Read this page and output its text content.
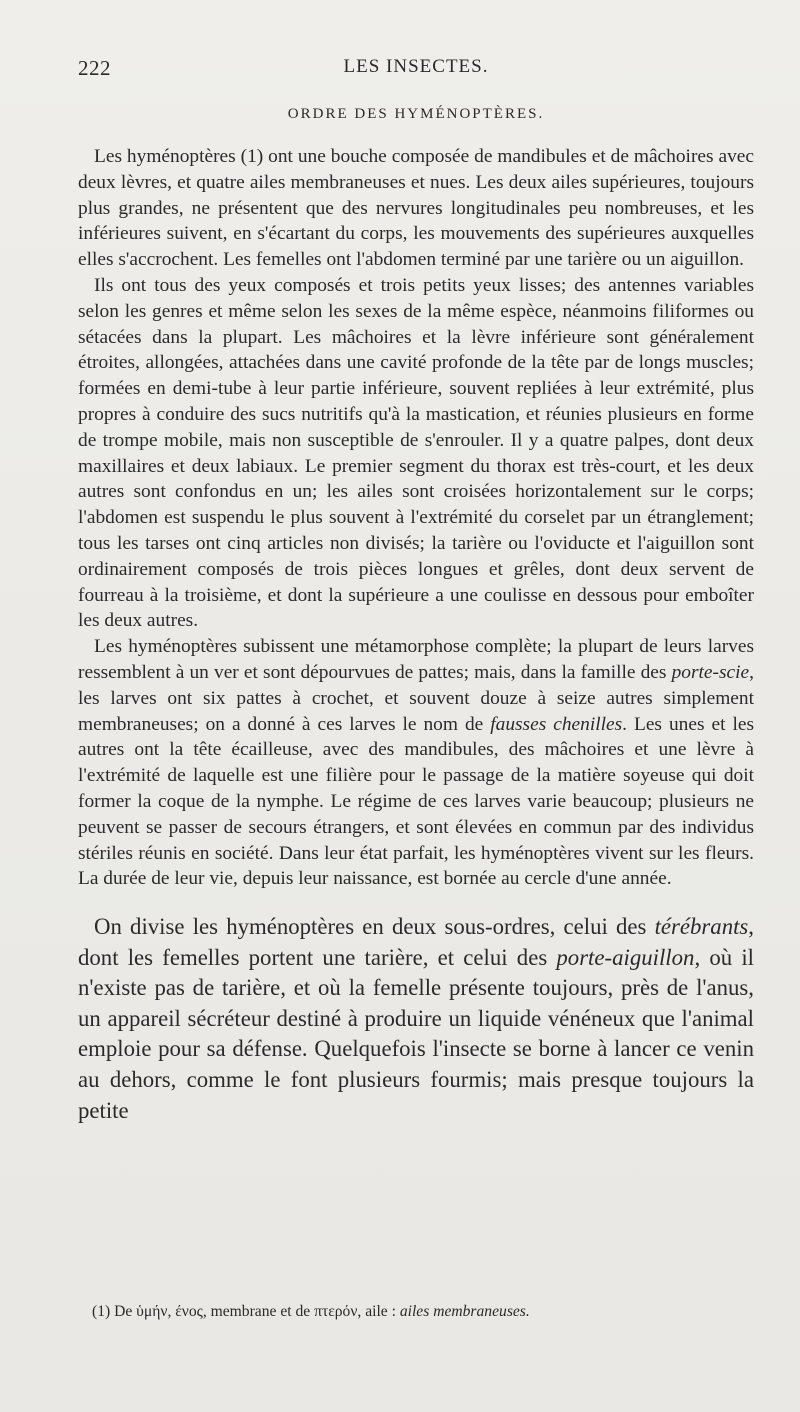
222	LES INSECTES.
ORDRE DES HYMÉNOPTÈRES.

Les hyménoptères (1) ont une bouche composée de mandibules et de mâchoires avec deux lèvres, et quatre ailes membraneuses et nues. Les deux ailes supérieures, toujours plus grandes, ne présentent que des nervures longitudinales peu nombreuses, et les inférieures suivent, en s'écartant du corps, les mouvements des supérieures auxquelles elles s'accrochent. Les femelles ont l'abdomen terminé par une tarière ou un aiguillon.

Ils ont tous des yeux composés et trois petits yeux lisses; des antennes variables selon les genres et même selon les sexes de la même espèce, néanmoins filiformes ou sétacées dans la plupart. Les mâchoires et la lèvre inférieure sont généralement étroites, allongées, attachées dans une cavité profonde de la tête par de longs muscles; formées en demi-tube à leur partie inférieure, souvent repliées à leur extrémité, plus propres à conduire des sucs nutritifs qu'à la mastication, et réunies plusieurs en forme de trompe mobile, mais non susceptible de s'enrouler. Il y a quatre palpes, dont deux maxillaires et deux labiaux. Le premier segment du thorax est très-court, et les deux autres sont confondus en un; les ailes sont croisées horizontalement sur le corps; l'abdomen est suspendu le plus souvent à l'extrémité du corselet par un étranglement; tous les tarses ont cinq articles non divisés; la tarière ou l'oviducte et l'aiguillon sont ordinairement composés de trois pièces longues et grêles, dont deux servent de fourreau à la troisième, et dont la supérieure a une coulisse en dessous pour emboîter les deux autres.

Les hyménoptères subissent une métamorphose complète; la plupart de leurs larves ressemblent à un ver et sont dépourvues de pattes; mais, dans la famille des porte-scie, les larves ont six pattes à crochet, et souvent douze à seize autres simplement membraneuses; on a donné à ces larves le nom de fausses chenilles. Les unes et les autres ont la tête écailleuse, avec des mandibules, des mâchoires et une lèvre à l'extrémité de laquelle est une filière pour le passage de la matière soyeuse qui doit former la coque de la nymphe. Le régime de ces larves varie beaucoup; plusieurs ne peuvent se passer de secours étrangers, et sont élevées en commun par des individus stériles réunis en société. Dans leur état parfait, les hyménoptères vivent sur les fleurs. La durée de leur vie, depuis leur naissance, est bornée au cercle d'une année.

On divise les hyménoptères en deux sous-ordres, celui des térébrants, dont les femelles portent une tarière, et celui des porte-aiguillon, où il n'existe pas de tarière, et où la femelle présente toujours, près de l'anus, un appareil sécréteur destiné à produire un liquide vénéneux que l'animal emploie pour sa défense. Quelquefois l'insecte se borne à lancer ce venin au dehors, comme le font plusieurs fourmis; mais presque toujours la petite

(1) De ὑμήν, ένος, membrane et de πτερόν, aile : ailes membraneuses.
